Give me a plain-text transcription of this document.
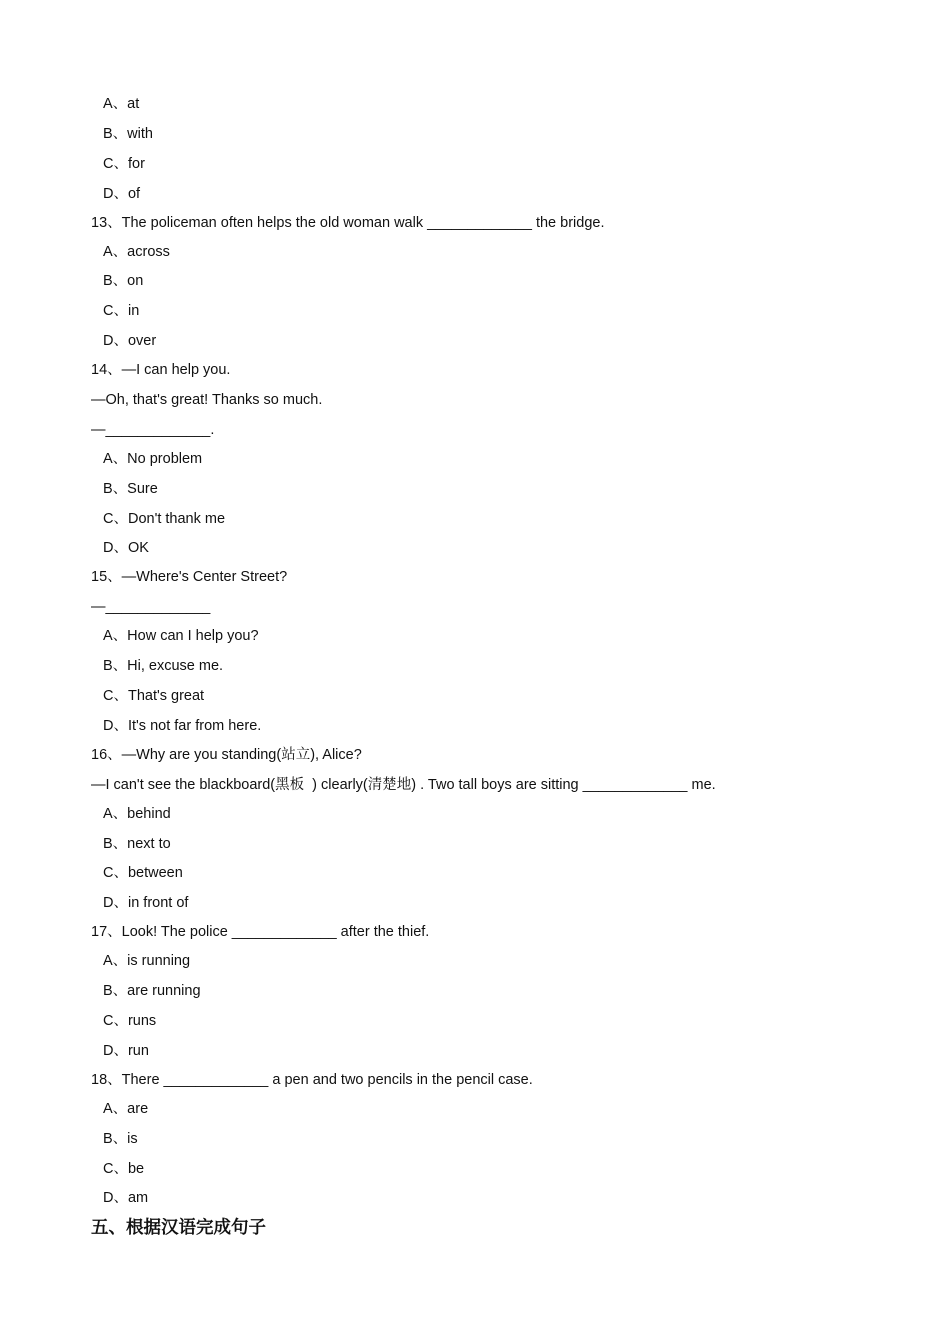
A、at
B、with
C、for
D、of
13、The policeman often helps the old woman walk _____________ the bridge.
A、across
B、on
C、in
D、over
14、—I can help you.
—Oh, that's great! Thanks so much.
—_____________.
A、No problem
B、Sure
C、Don't thank me
D、OK
15、—Where's Center Street?
—_____________
A、How can I help you?
B、Hi, excuse me.
C、That's great
D、It's not far from here.
16、—Why are you standing(站立), Alice?
—I can't see the blackboard(黑板  ) clearly(清楚地) . Two tall boys are sitting _____________ me.
A、behind
B、next to
C、between
D、in front of
17、Look! The police _____________ after the thief.
A、is running
B、are running
C、runs
D、run
18、There _____________ a pen and two pencils in the pencil case.
A、are
B、is
C、be
D、am
五、根据汉语完成句子
